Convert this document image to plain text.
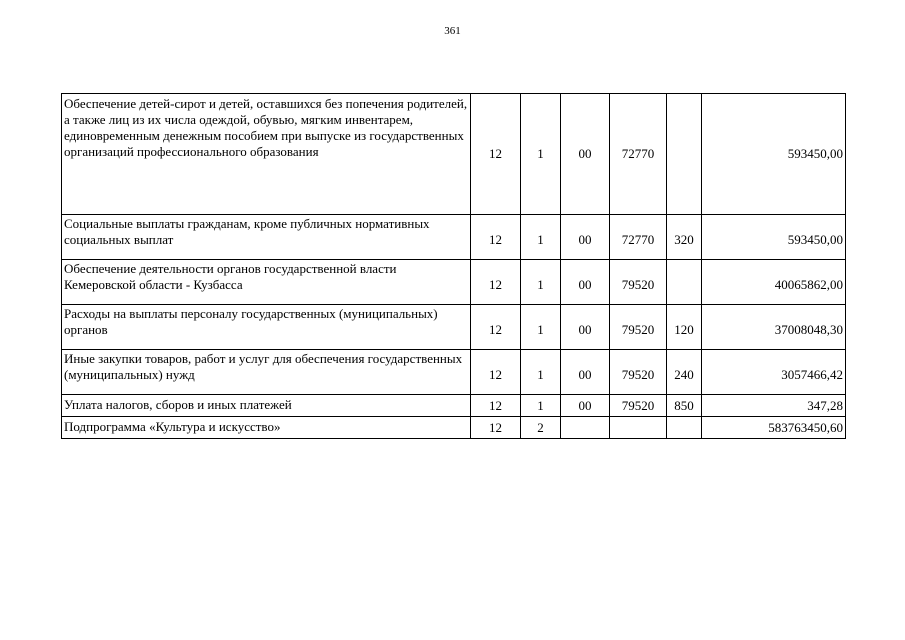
361
Обеспечение детей-сирот и детей, оставшихся без попечения родителей, а также лиц из их числа одеждой, обувью, мягким инвентарем, единовременным денежным пособием при выпуске из государственных организаций профессионального образования	12	1	00	72770		593450,00
Социальные выплаты гражданам, кроме публичных нормативных социальных выплат	12	1	00	72770	320	593450,00
Обеспечение деятельности органов государственной власти Кемеровской области - Кузбасса	12	1	00	79520		40065862,00
Расходы на выплаты персоналу государственных (муниципальных) органов	12	1	00	79520	120	37008048,30
Иные закупки товаров, работ и услуг для обеспечения государственных (муниципальных) нужд	12	1	00	79520	240	3057466,42
Уплата налогов, сборов и иных платежей	12	1	00	79520	850	347,28
Подпрограмма «Культура и искусство»	12	2				583763450,60
